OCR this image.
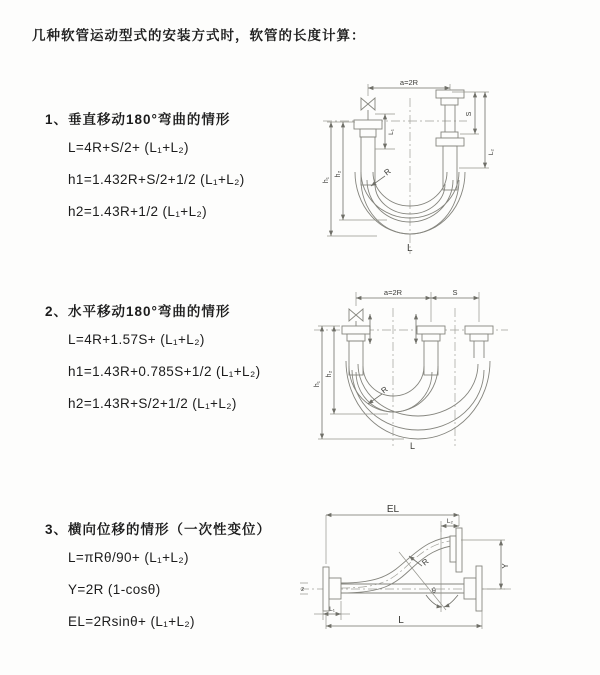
几种软管运动型式的安装方式时，软管的长度计算：
1、垂直移动180°弯曲的情形
L=4R+S/2+ (L₁+L₂)
h1=1.432R+S/2+1/2 (L₁+L₂)
h2=1.43R+1/2 (L₁+L₂)
a=2R
h₁
h₂
L₁
S
L₂
R
L
2、水平移动180°弯曲的情形
L=4R+1.57S+ (L₁+L₂)
h1=1.43R+0.785S+1/2 (L₁+L₂)
h2=1.43R+S/2+1/2 (L₁+L₂)
a=2R	S
h₁
h₂
R
L
3、横向位移的情形（一次性变位）
L=πRθ/90+ (L₁+L₂)
Y=2R (1-cosθ)
EL=2Rsinθ+ (L₁+L₂)
z
EL
L₂
Y
θ
R
L₁
L
